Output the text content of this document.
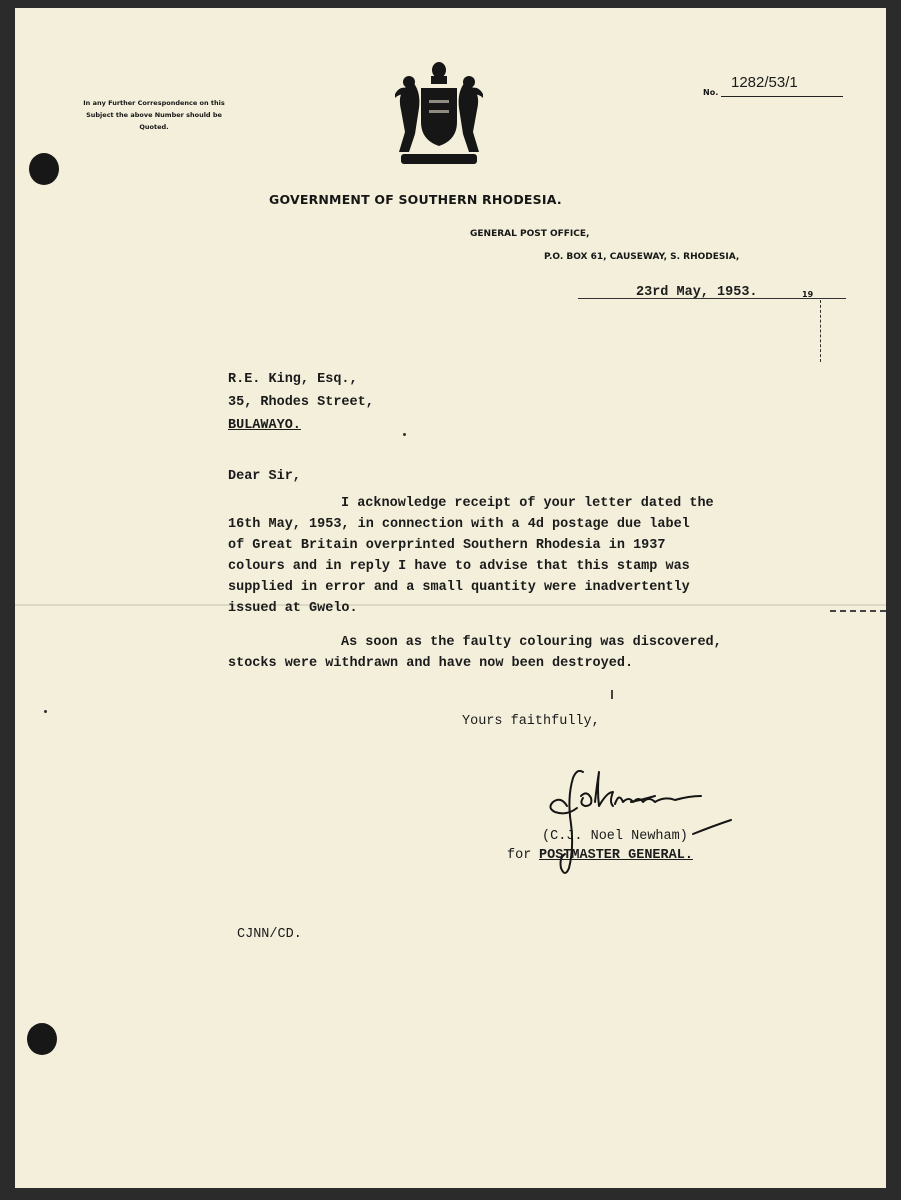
In any Further Correspondence on this
Subject the above Number should be
Quoted.
No.
1282/53/1
GOVERNMENT OF SOUTHERN RHODESIA.
GENERAL POST OFFICE,
P.O. BOX 61, CAUSEWAY, S. RHODESIA,
23rd May, 1953.	19
R.E. King, Esq.,
35, Rhodes Street,
BULAWAYO.
Dear Sir,
I acknowledge receipt of your letter dated the
16th May, 1953, in connection with a 4d postage due label
of Great Britain overprinted Southern Rhodesia in 1937
colours and in reply I have to advise that this stamp was
supplied in error and a small quantity were inadvertently
issued at Gwelo.
As soon as the faulty colouring was discovered,
stocks were withdrawn and have now been destroyed.
Yours faithfully,
(C.J. Noel Newham)
for POSTMASTER GENERAL.
CJNN/CD.
